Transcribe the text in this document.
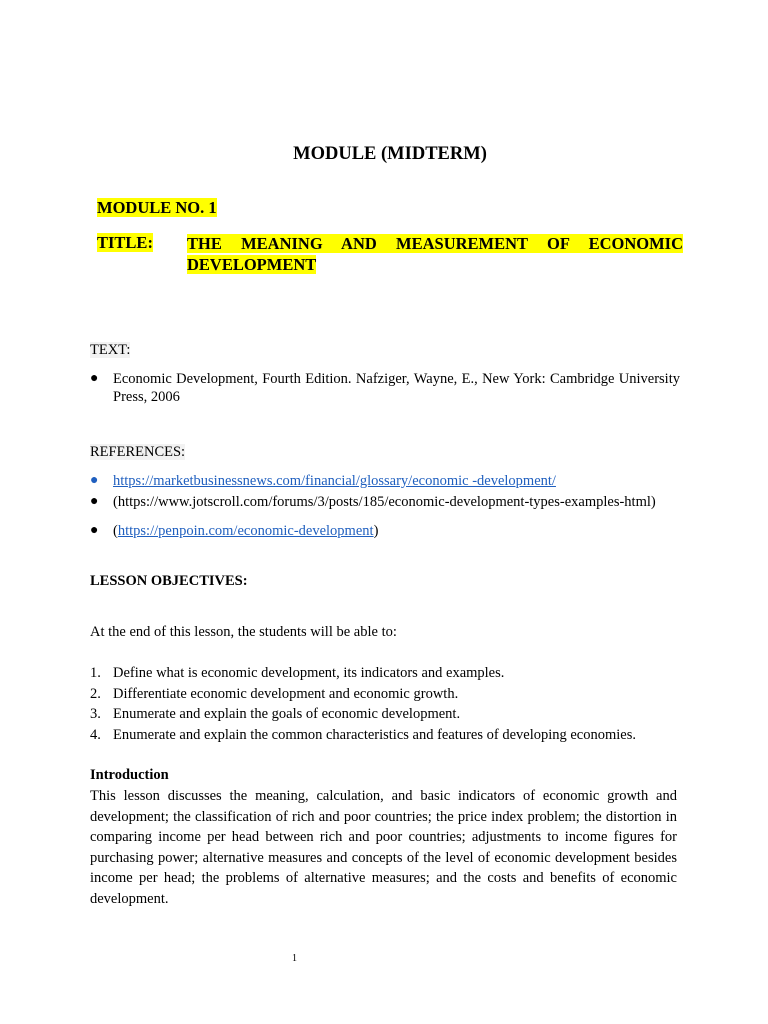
MODULE (MIDTERM)
MODULE NO. 1
TITLE: THE MEANING AND MEASUREMENT OF ECONOMIC DEVELOPMENT
TEXT:
●	Economic Development, Fourth Edition. Nafziger, Wayne, E., New York: Cambridge University Press, 2006
REFERENCES:
●	https://marketbusinessnews.com/financial/glossary/economic -development/
●	(https://www.jotscroll.com/forums/3/posts/185/economic-development-types-examples-html)
●	(https://penpoin.com/economic-development)
LESSON OBJECTIVES:
At the end of this lesson, the students will be able to:
1. Define what is economic development, its indicators and examples.
2. Differentiate economic development and economic growth.
3. Enumerate and explain the goals of economic development.
4. Enumerate and explain the common characteristics and features of developing economies.
Introduction
This lesson discusses the meaning, calculation, and basic indicators of economic growth and development; the classification of rich and poor countries; the price index problem; the distortion in comparing income per head between rich and poor countries; adjustments to income figures for purchasing power; alternative measures and concepts of the level of economic development besides income per head; the problems of alternative measures; and the costs and benefits of economic development.
1
